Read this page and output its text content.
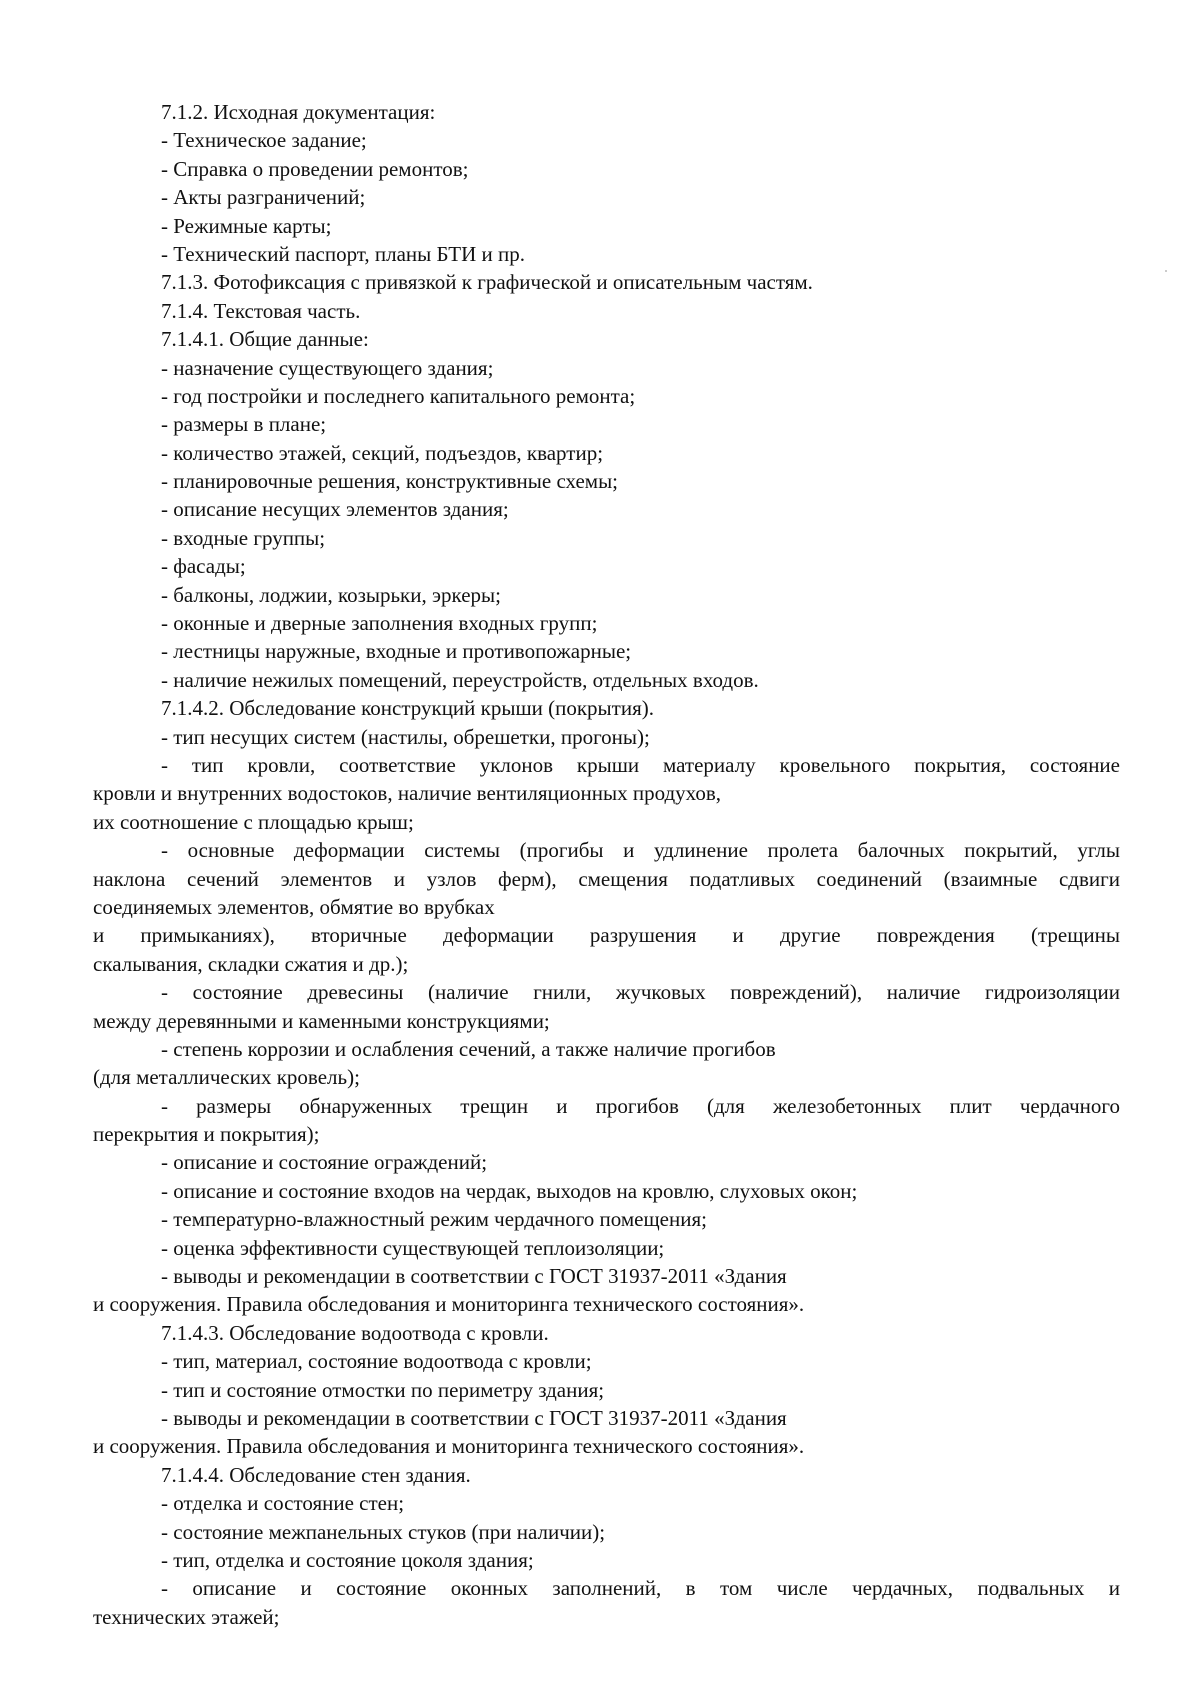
7.1.2. Исходная документация:
- Техническое задание;
- Справка о проведении ремонтов;
- Акты разграничений;
- Режимные карты;
- Технический паспорт, планы БТИ и пр.
7.1.3. Фотофиксация с привязкой к графической и описательным частям.
7.1.4. Текстовая часть.
7.1.4.1. Общие данные:
- назначение существующего здания;
- год постройки и последнего капитального ремонта;
- размеры в плане;
- количество этажей, секций, подъездов, квартир;
- планировочные решения, конструктивные схемы;
- описание несущих элементов здания;
- входные группы;
- фасады;
- балконы, лоджии, козырьки, эркеры;
- оконные и дверные заполнения входных групп;
- лестницы наружные, входные и противопожарные;
- наличие нежилых помещений, переустройств, отдельных входов.
7.1.4.2. Обследование конструкций крыши (покрытия).
- тип несущих систем (настилы, обрешетки, прогоны);
- тип кровли, соответствие уклонов крыши материалу кровельного покрытия, состояние
кровли и внутренних водостоков, наличие вентиляционных продухов,
их соотношение с площадью крыш;
- основные деформации системы (прогибы и удлинение пролета балочных покрытий, углы
наклона сечений элементов и узлов ферм), смещения податливых соединений (взаимные сдвиги
соединяемых элементов, обмятие во врубках
и примыканиях), вторичные деформации разрушения и другие повреждения (трещины
скалывания, складки сжатия и др.);
- состояние древесины (наличие гнили, жучковых повреждений), наличие гидроизоляции
между деревянными и каменными конструкциями;
- степень коррозии и ослабления сечений, а также наличие прогибов
(для металлических кровель);
- размеры обнаруженных трещин и прогибов (для железобетонных плит чердачного
перекрытия и покрытия);
- описание и состояние ограждений;
- описание и состояние входов на чердак, выходов на кровлю, слуховых окон;
- температурно-влажностный режим чердачного помещения;
- оценка эффективности существующей теплоизоляции;
- выводы и рекомендации в соответствии с ГОСТ 31937-2011 «Здания
и сооружения. Правила обследования и мониторинга технического состояния».
7.1.4.3. Обследование водоотвода с кровли.
- тип, материал, состояние водоотвода с кровли;
- тип и состояние отмостки по периметру здания;
- выводы и рекомендации в соответствии с ГОСТ 31937-2011 «Здания
и сооружения. Правила обследования и мониторинга технического состояния».
7.1.4.4. Обследование стен здания.
- отделка и состояние стен;
- состояние межпанельных стуков (при наличии);
- тип, отделка и состояние цоколя здания;
- описание и состояние оконных заполнений, в том числе чердачных, подвальных и
технических этажей;
